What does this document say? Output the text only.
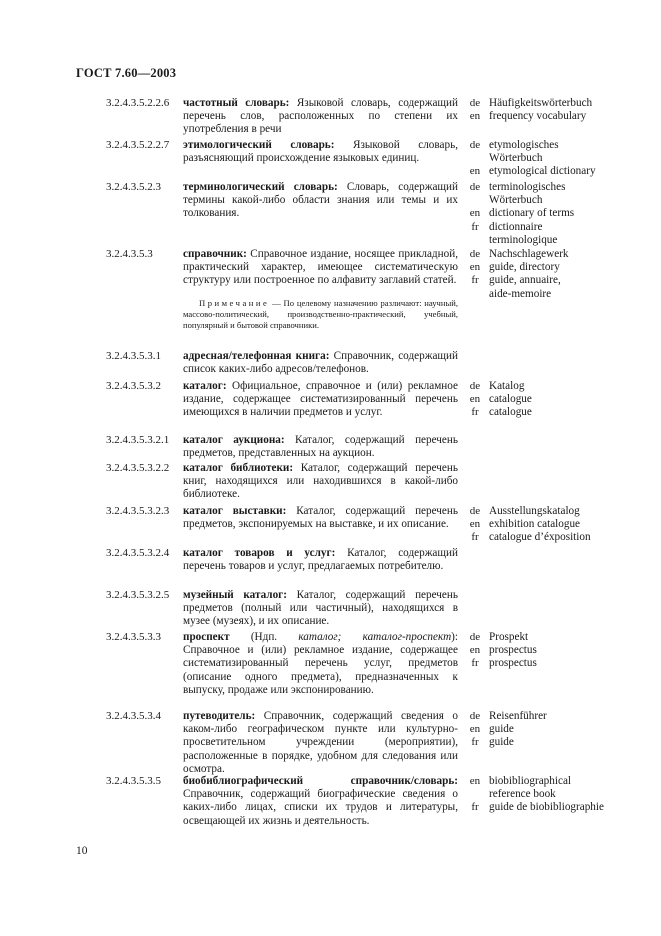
ГОСТ 7.60—2003
3.2.4.3.5.2.2.6 частотный словарь: Языковой словарь, содержащий перечень слов, расположенных по степени их употребления в речи
de
en
Häufigkeitswörterbuch
frequency vocabulary
3.2.4.3.5.2.2.7 этимологический словарь: Языковой словарь, разъясняющий происхождение языковых единиц.
de
en
etymologisches
Wörterbuch
etymological dictionary
3.2.4.3.5.2.3 терминологический словарь: Словарь, содержащий термины какой-либо области знания или темы и их толкования.
de
en
fr
terminologisches
Wörterbuch
dictionary of terms
dictionnaire
terminologique
3.2.4.3.5.3	справочник: Справочное издание, носящее прикладной, практический характер, имеющее систематическую структуру или построенное по алфавиту заглавий статей.
Примечание — По целевому назначению различают: научный, массово-политический, производственно-практический, учебный, популярный и бытовой справочники.
de
en
fr
Nachschlagewerk
guide, directory
guide, annuaire,
aide-memoire
3.2.4.3.5.3.1 адресная/телефонная книга: Справочник, содержащий список каких-либо адресов/телефонов.
3.2.4.3.5.3.2 каталог: Официальное, справочное и (или) рекламное издание, содержащее систематизированный перечень имеющихся в наличии предметов и услуг.
de
en
fr
Katalog
catalogue
catalogue
3.2.4.3.5.3.2.1 каталог аукциона: Каталог, содержащий перечень предметов, представленных на аукцион.
3.2.4.3.5.3.2.2 каталог библиотеки: Каталог, содержащий перечень книг, находящихся или находившихся в какой-либо библиотеке.
3.2.4.3.5.3.2.3 каталог выставки: Каталог, содержащий перечень предметов, экспонируемых на выставке, и их описание.
de
en
fr
Ausstellungskatalog
exhibition catalogue
catalogue d’éxposition
3.2.4.3.5.3.2.4 каталог товаров и услуг: Каталог, содержащий перечень товаров и услуг, предлагаемых потребителю.
3.2.4.3.5.3.2.5 музейный каталог: Каталог, содержащий перечень предметов (полный или частичный), находящихся в музее (музеях), и их описание.
3.2.4.3.5.3.3 проспект (Ндп. каталог; каталог-проспект): Справочное и (или) рекламное издание, содержащее систематизированный перечень услуг, предметов (описание одного предмета), предназначенных к выпуску, продаже или экспонированию.
de
en
fr
Prospekt
prospectus
prospectus
3.2.4.3.5.3.4 путеводитель: Справочник, содержащий сведения о каком-либо географическом пункте или культурно-просветительном учреждении (мероприятии), расположенные в порядке, удобном для следования или осмотра.
de
en
fr
Reisenführer
guide
guide
3.2.4.3.5.3.5 биобиблиографический справочник/словарь: Справочник, содержащий биографические сведения о каких-либо лицах, списки их трудов и литературы, освещающей их жизнь и деятельность.
en
fr
biobibliographical
reference book
guide de biobibliographie
10
